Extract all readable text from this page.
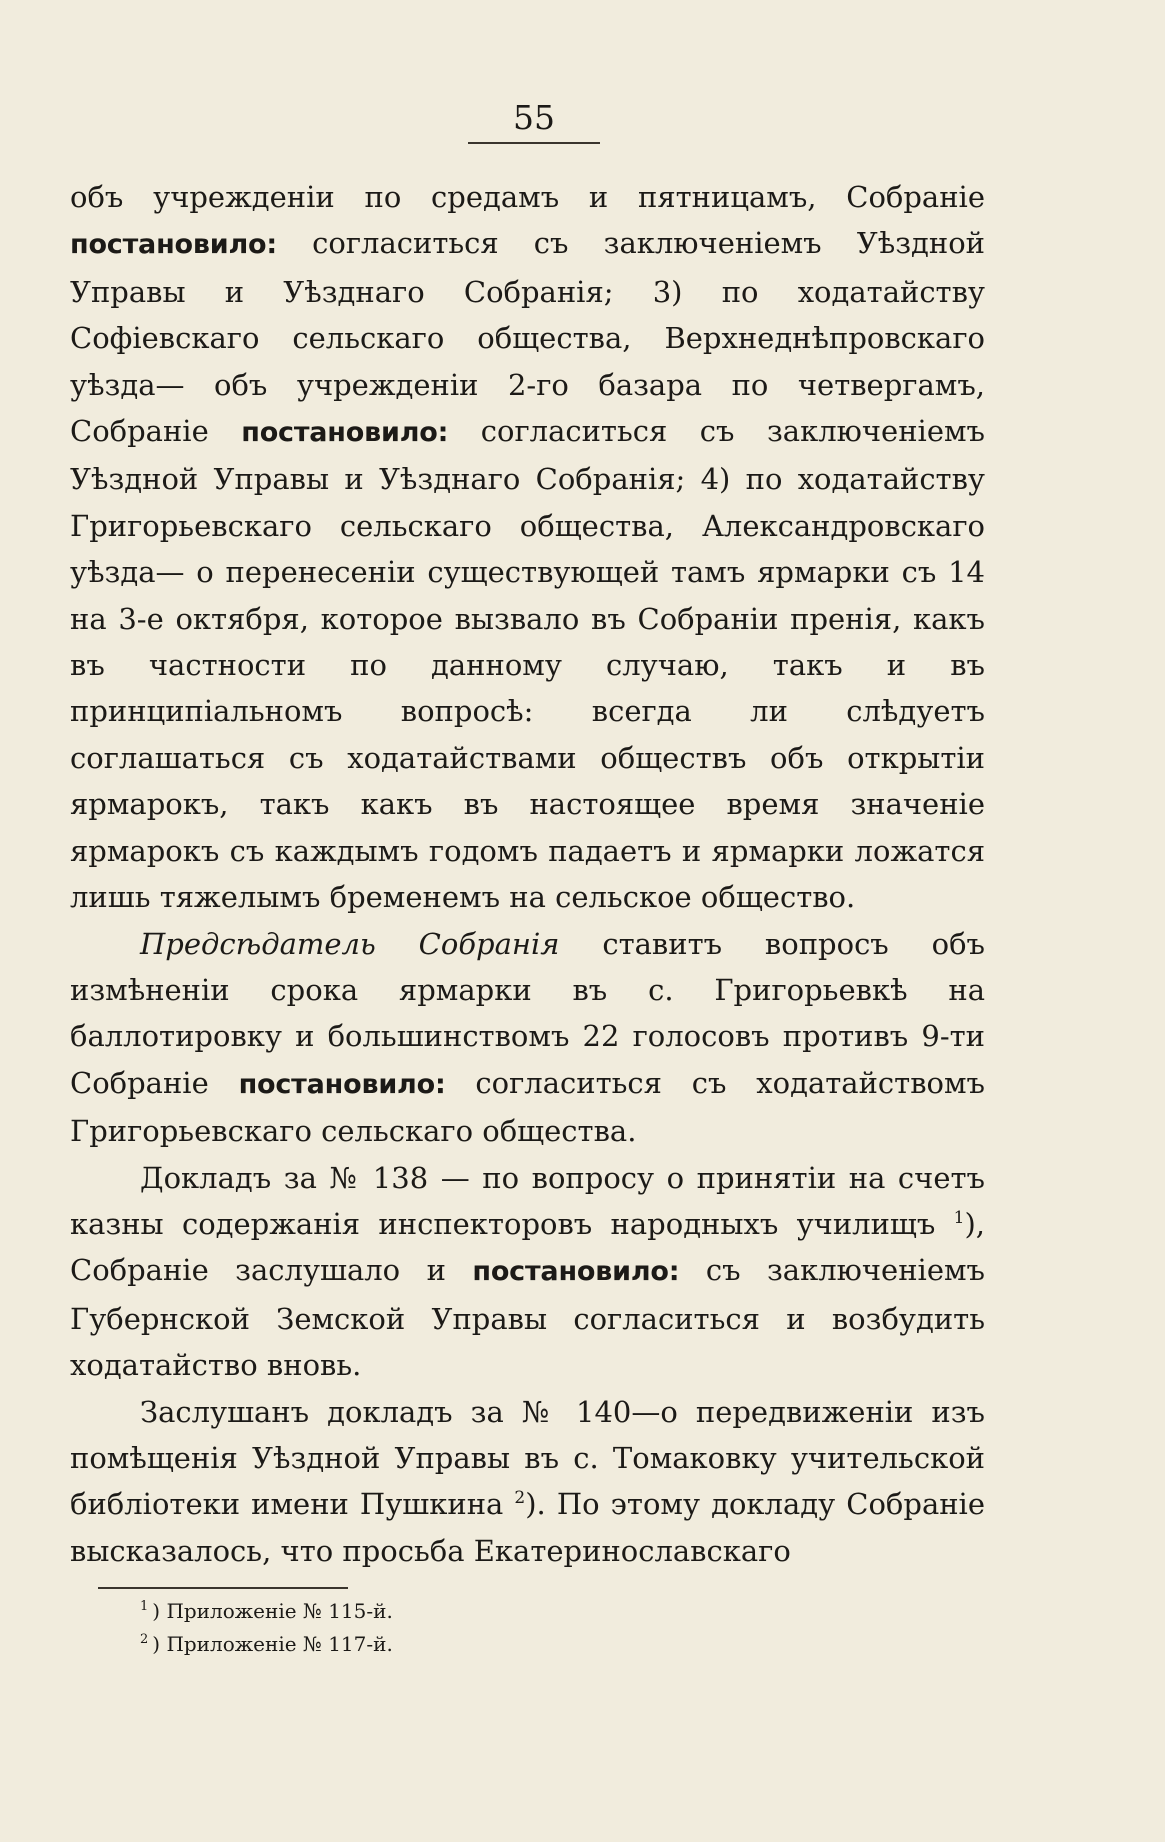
55

объ учрежденіи по средамъ и пятницамъ, Собраніе постановило: согласиться съ заключеніемъ Уѣздной Управы и Уѣзднаго Собранія; 3) по ходатайству Софіевскаго сельскаго общества, Верхнеднѣпровскаго уѣзда— объ учрежденіи 2-го базара по четвергамъ, Собраніе постановило: согласиться съ заключеніемъ Уѣздной Управы и Уѣзднаго Собранія; 4) по ходатайству Григорьевскаго сельскаго общества, Александровскаго уѣзда— о перенесеніи существующей тамъ ярмарки съ 14 на 3-е октября, которое вызвало въ Собраніи пренія, какъ въ частности по данному случаю, такъ и въ принципіальномъ вопросѣ: всегда ли слѣдуетъ соглашаться съ ходатайствами обществъ объ открытіи ярмарокъ, такъ какъ въ настоящее время значеніе ярмарокъ съ каждымъ годомъ падаетъ и ярмарки ложатся лишь тяжелымъ бременемъ на сельское общество.

Предсѣдатель Собранія ставитъ вопросъ объ измѣненіи срока ярмарки въ с. Григорьевкѣ на баллотировку и большинствомъ 22 голосовъ противъ 9-ти Собраніе постановило: согласиться съ ходатайствомъ Григорьевскаго сельскаго общества.

Докладъ за № 138 — по вопросу о принятіи на счетъ казны содержанія инспекторовъ народныхъ училищъ $^1$), Собраніе заслушало и постановило: съ заключеніемъ Губернской Земской Управы согласиться и возбудить ходатайство вновь.

Заслушанъ докладъ за № 140—о передвиженіи изъ помѣщенія Уѣздной Управы въ с. Томаковку учительской библіотеки имени Пушкина $^2$). По этому докладу Собраніе высказалось, что просьба Екатеринославскаго

$^1$ ) Приложеніе № 115-й.
$^2$ ) Приложеніе № 117-й.
